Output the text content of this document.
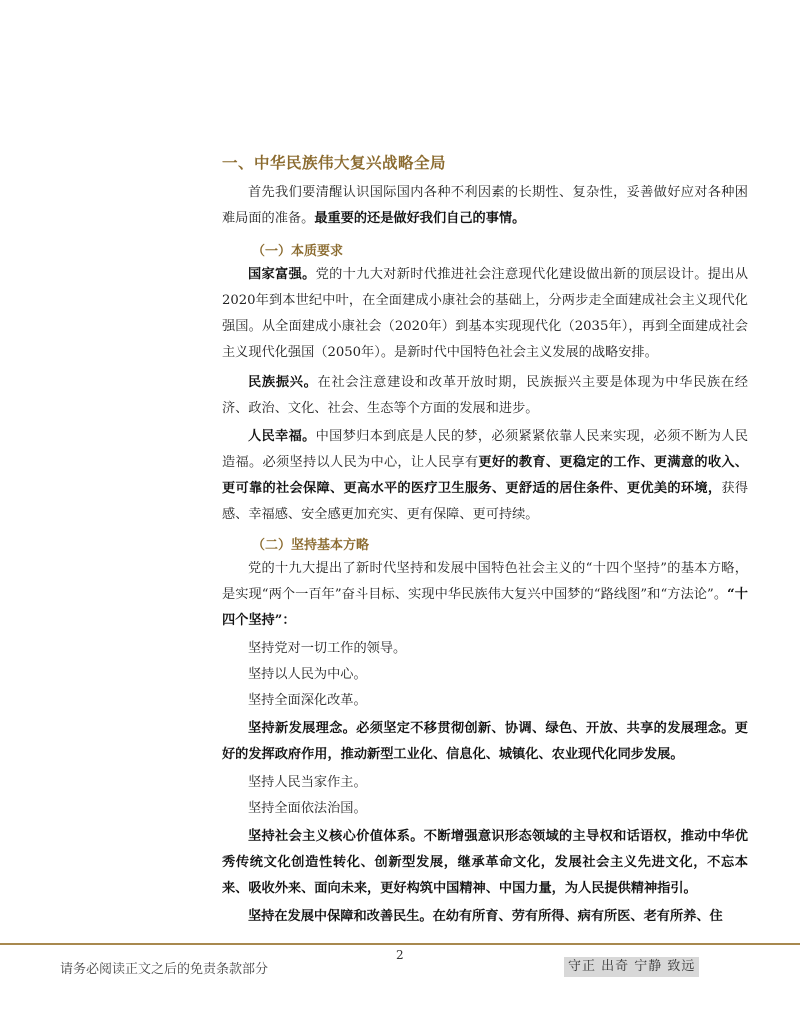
一、中华民族伟大复兴战略全局
首先我们要清醒认识国际国内各种不利因素的长期性、复杂性，妥善做好应对各种困难局面的准备。最重要的还是做好我们自己的事情。
（一）本质要求
国家富强。党的十九大对新时代推进社会注意现代化建设做出新的顶层设计。提出从2020年到本世纪中叶，在全面建成小康社会的基础上，分两步走全面建成社会主义现代化强国。从全面建成小康社会（2020年）到基本实现现代化（2035年），再到全面建成社会主义现代化强国（2050年）。是新时代中国特色社会主义发展的战略安排。
民族振兴。在社会注意建设和改革开放时期，民族振兴主要是体现为中华民族在经济、政治、文化、社会、生态等个方面的发展和进步。
人民幸福。中国梦归本到底是人民的梦，必须紧紧依靠人民来实现，必须不断为人民造福。必须坚持以人民为中心，让人民享有更好的教育、更稳定的工作、更满意的收入、更可靠的社会保障、更高水平的医疗卫生服务、更舒适的居住条件、更优美的环境，获得感、幸福感、安全感更加充实、更有保障、更可持续。
（二）坚持基本方略
党的十九大提出了新时代坚持和发展中国特色社会主义的“十四个坚持”的基本方略，是实现“两个一百年”奋斗目标、实现中华民族伟大复兴中国梦的“路线图”和“方法论”。“十四个坚持”：
坚持党对一切工作的领导。
坚持以人民为中心。
坚持全面深化改革。
坚持新发展理念。必须坚定不移贯彻创新、协调、绿色、开放、共享的发展理念。更好的发挥政府作用，推动新型工业化、信息化、城镇化、农业现代化同步发展。
坚持人民当家作主。
坚持全面依法治国。
坚持社会主义核心价值体系。不断增强意识形态领域的主导权和话语权，推动中华优秀传统文化创造性转化、创新型发展，继承革命文化，发展社会主义先进文化，不忘本来、吸收外来、面向未来，更好构筑中国精神、中国力量，为人民提供精神指引。
坚持在发展中保障和改善民生。在幼有所育、劳有所得、病有所医、老有所养、住
2
请务必阅读正文之后的免责条款部分	守正 出奇 宁静 致远
